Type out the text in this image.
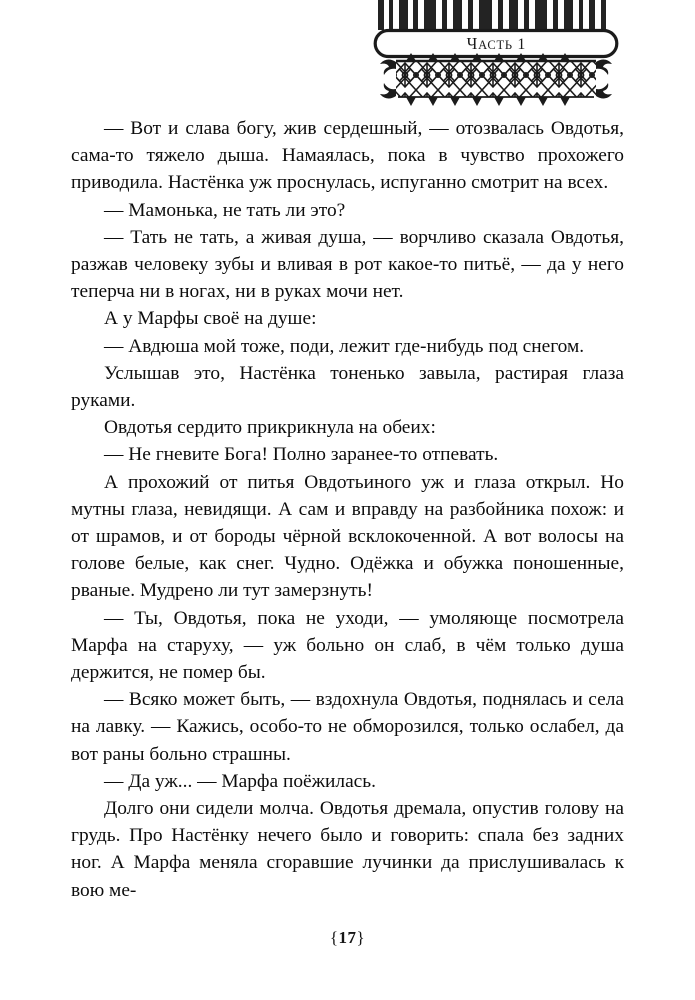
ЧАСТЬ 1

— Вот и слава богу, жив сердешный, — отозвалась Овдотья, сама-то тяжело дыша. Намаялась, пока в чувство прохожего приводила. Настёнка уж проснулась, испуганно смотрит на всех.

— Мамонька, не тать ли это?

— Тать не тать, а живая душа, — ворчливо сказала Овдотья, разжав человеку зубы и вливая в рот какое-то питьё, — да у него теперча ни в ногах, ни в руках мочи нет.

А у Марфы своё на душе:

— Авдюша мой тоже, поди, лежит где-нибудь под снегом.

Услышав это, Настёнка тоненько завыла, растирая глаза руками.

Овдотья сердито прикрикнула на обеих:

— Не гневите Бога! Полно заранее-то отпевать.

А прохожий от питья Овдотьиного уж и глаза открыл. Но мутны глаза, невидящи. А сам и вправду на разбойника похож: и от шрамов, и от бороды чёрной всклокоченной. А вот волосы на голове белые, как снег. Чудно. Одёжка и обужка поношенные, рваные. Мудрено ли тут замерзнуть!

— Ты, Овдотья, пока не уходи, — умоляюще посмотрела Марфа на старуху, — уж больно он слаб, в чём только душа держится, не помер бы.

— Всяко может быть, — вздохнула Овдотья, поднялась и села на лавку. — Кажись, особо-то не обморозился, только ослабел, да вот раны больно страшны.

— Да уж... — Марфа поёжилась.

Долго они сидели молча. Овдотья дремала, опустив голову на грудь. Про Настёнку нечего было и говорить: спала без задних ног. А Марфа меняла сгоравшие лучинки да прислушивалась к вою ме-

{17}
